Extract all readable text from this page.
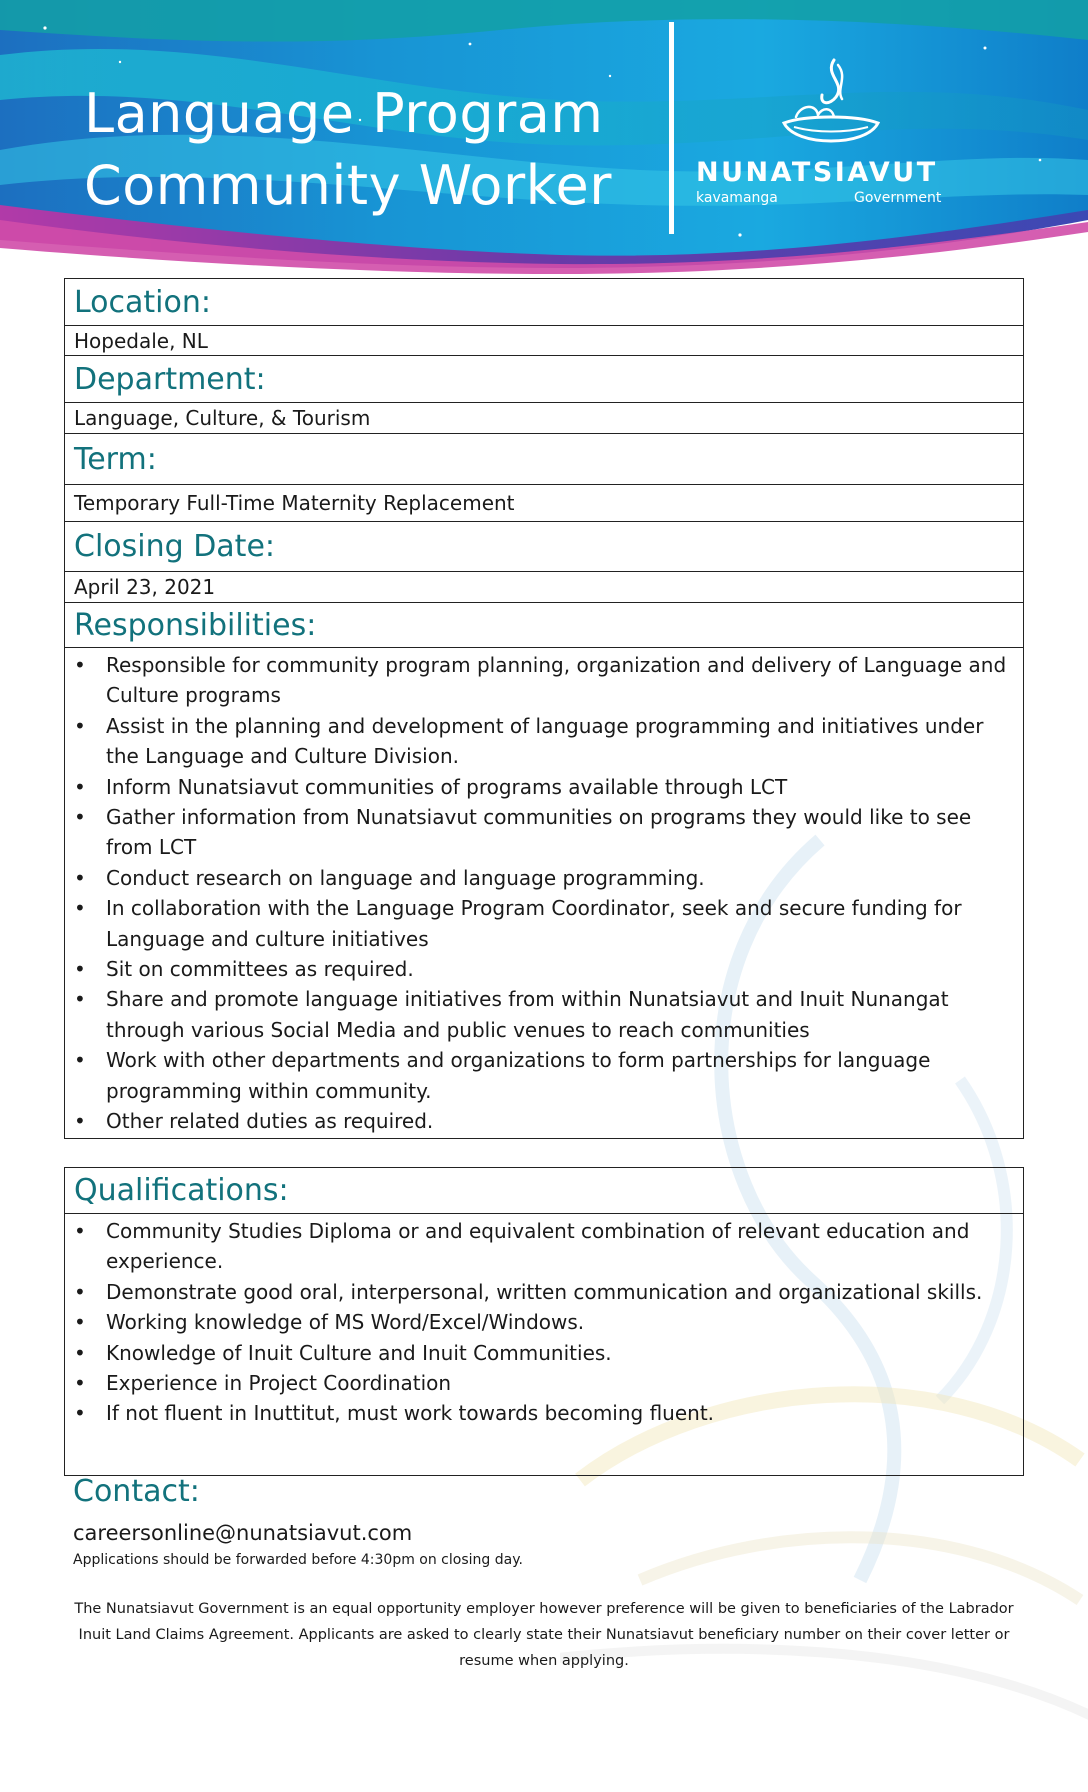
Language Program
Community Worker	NUNATSIAVUT
kavamanga	Government
Location:
Hopedale, NL
Department:
Language, Culture, & Tourism
Term:
Temporary Full-Time Maternity Replacement
Closing Date:
April 23, 2021
Responsibilities:
• Responsible for community program planning, organization and delivery of Language and Culture programs
• Assist in the planning and development of language programming and initiatives under the Language and Culture Division.
• Inform Nunatsiavut communities of programs available through LCT
• Gather information from Nunatsiavut communities on programs they would like to see from LCT
• Conduct research on language and language programming.
• In collaboration with the Language Program Coordinator, seek and secure funding for Language and culture initiatives
• Sit on committees as required.
• Share and promote language initiatives from within Nunatsiavut and Inuit Nunangat through various Social Media and public venues to reach communities
• Work with other departments and organizations to form partnerships for language programming within community.
• Other related duties as required.
Qualifications:
• Community Studies Diploma or and equivalent combination of relevant education and experience.
• Demonstrate good oral, interpersonal, written communication and organizational skills.
• Working knowledge of MS Word/Excel/Windows.
• Knowledge of Inuit Culture and Inuit Communities.
• Experience in Project Coordination
• If not fluent in Inuttitut, must work towards becoming fluent.
Contact:
careersonline@nunatsiavut.com
Applications should be forwarded before 4:30pm on closing day.
The Nunatsiavut Government is an equal opportunity employer however preference will be given to beneficiaries of the Labrador Inuit Land Claims Agreement. Applicants are asked to clearly state their Nunatsiavut beneficiary number on their cover letter or resume when applying.
